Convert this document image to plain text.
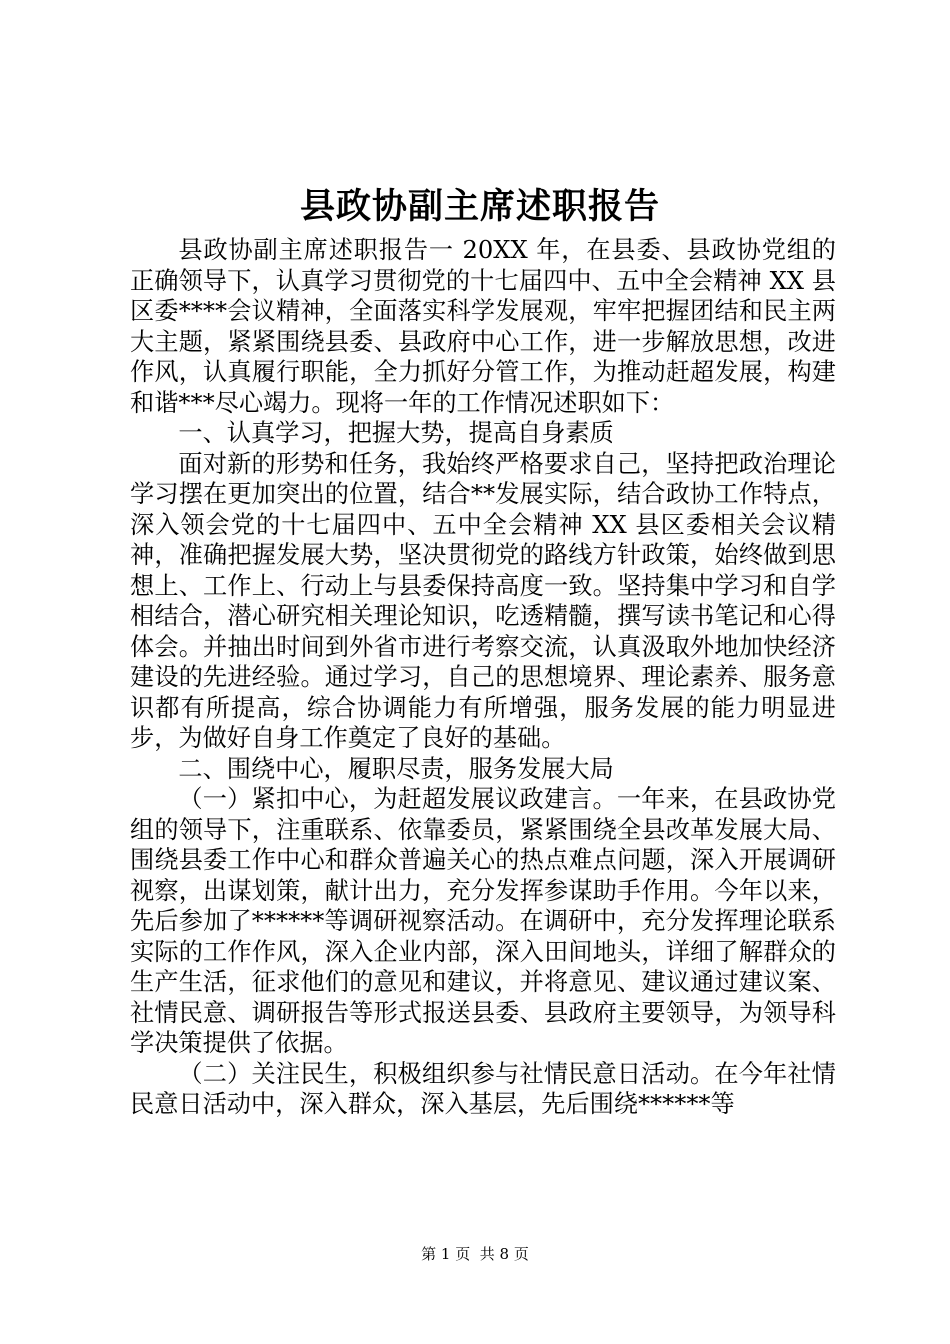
县政协副主席述职报告

县政协副主席述职报告一 20XX 年，在县委、县政协党组的正确领导下，认真学习贯彻党的十七届四中、五中全会精神 XX 县区委****会议精神，全面落实科学发展观，牢牢把握团结和民主两大主题，紧紧围绕县委、县政府中心工作，进一步解放思想，改进作风，认真履行职能，全力抓好分管工作，为推动赶超发展，构建和谐***尽心竭力。现将一年的工作情况述职如下：

一、认真学习，把握大势，提高自身素质

面对新的形势和任务，我始终严格要求自己，坚持把政治理论学习摆在更加突出的位置，结合**发展实际，结合政协工作特点，深入领会党的十七届四中、五中全会精神 XX 县区委相关会议精神，准确把握发展大势，坚决贯彻党的路线方针政策，始终做到思想上、工作上、行动上与县委保持高度一致。坚持集中学习和自学相结合，潜心研究相关理论知识，吃透精髓，撰写读书笔记和心得体会。并抽出时间到外省市进行考察交流，认真汲取外地加快经济建设的先进经验。通过学习，自己的思想境界、理论素养、服务意识都有所提高，综合协调能力有所增强，服务发展的能力明显进步，为做好自身工作奠定了良好的基础。

二、围绕中心，履职尽责，服务发展大局

（一）紧扣中心，为赶超发展议政建言。一年来，在县政协党组的领导下，注重联系、依靠委员，紧紧围绕全县改革发展大局、围绕县委工作中心和群众普遍关心的热点难点问题，深入开展调研视察，出谋划策，献计出力，充分发挥参谋助手作用。今年以来，先后参加了******等调研视察活动。在调研中，充分发挥理论联系实际的工作作风，深入企业内部，深入田间地头，详细了解群众的生产生活，征求他们的意见和建议，并将意见、建议通过建议案、社情民意、调研报告等形式报送县委、县政府主要领导，为领导科学决策提供了依据。

（二）关注民生，积极组织参与社情民意日活动。在今年社情民意日活动中，深入群众，深入基层，先后围绕******等

第 1 页 共 8 页
